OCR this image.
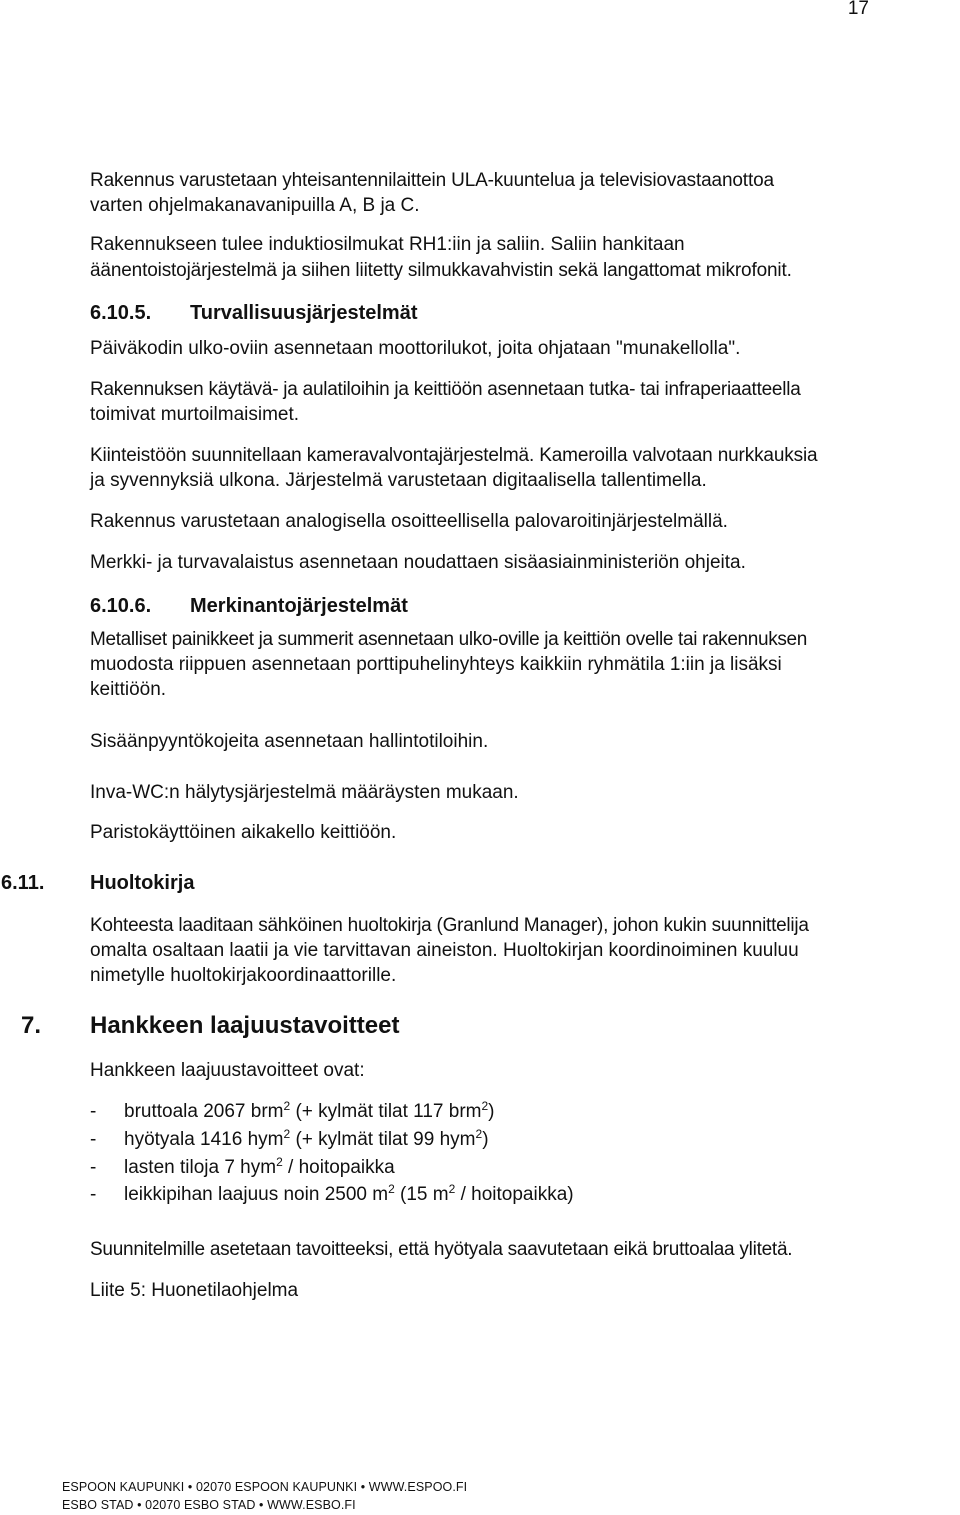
17
Rakennus varustetaan yhteisantennilaittein ULA-kuuntelua ja televisiovastaanottoa
varten ohjelmakanavanipuilla A, B ja C.
Rakennukseen tulee induktiosilmukat RH1:iin ja saliin. Saliin hankitaan
äänentoistojärjestelmä ja siihen liitetty silmukkavahvistin sekä langattomat mikrofonit.
6.10.5. Turvallisuusjärjestelmät
Päiväkodin ulko-oviin asennetaan moottorilukot, joita ohjataan "munakellolla".
Rakennuksen käytävä- ja aulatiloihin ja keittiöön asennetaan tutka- tai infraperiaatteella
toimivat murtoilmaisimet.
Kiinteistöön suunnitellaan kameravalvontajärjestelmä. Kameroilla valvotaan nurkkauksia
ja syvennyksiä ulkona. Järjestelmä varustetaan digitaalisella tallentimella.
Rakennus varustetaan analogisella osoitteellisella palovaroitinjärjestelmällä.
Merkki- ja turvavalaistus asennetaan noudattaen sisäasiainministeriön ohjeita.
6.10.6. Merkinantojärjestelmät
Metalliset painikkeet ja summerit asennetaan ulko-oville ja keittiön ovelle tai rakennuksen
muodosta riippuen asennetaan porttipuhelinyhteys kaikkiin ryhmätila 1:iin ja lisäksi
keittiöön.
Sisäänpyyntökojeita asennetaan hallintotiloihin.
Inva-WC:n hälytysjärjestelmä määräysten mukaan.
Paristokäyttöinen aikakello keittiöön.
6.11. Huoltokirja
Kohteesta laaditaan sähköinen huoltokirja (Granlund Manager), johon kukin suunnittelija
omalta osaltaan laatii ja vie tarvittavan aineiston. Huoltokirjan koordinoiminen kuuluu
nimetylle huoltokirjakoordinaattorille.
7. Hankkeen laajuustavoitteet
Hankkeen laajuustavoitteet ovat:
- bruttoala 2067 brm$^2$ (+ kylmät tilat 117 brm$^2$)
- hyötyala 1416 hym$^2$ (+ kylmät tilat 99 hym$^2$)
- lasten tiloja 7 hym$^2$ / hoitopaikka
- leikkipihan laajuus noin 2500 $m^2$ (15 $m^2$ / hoitopaikka)
Suunnitelmille asetetaan tavoitteeksi, että hyötyala saavutetaan eikä bruttoalaa ylitetä.
Liite 5: Huonetilaohjelma
ESPOON KAUPUNKI • 02070 ESPOON KAUPUNKI • WWW.ESPOO.FI
ESBO STAD • 02070 ESBO STAD • WWW.ESBO.FI
